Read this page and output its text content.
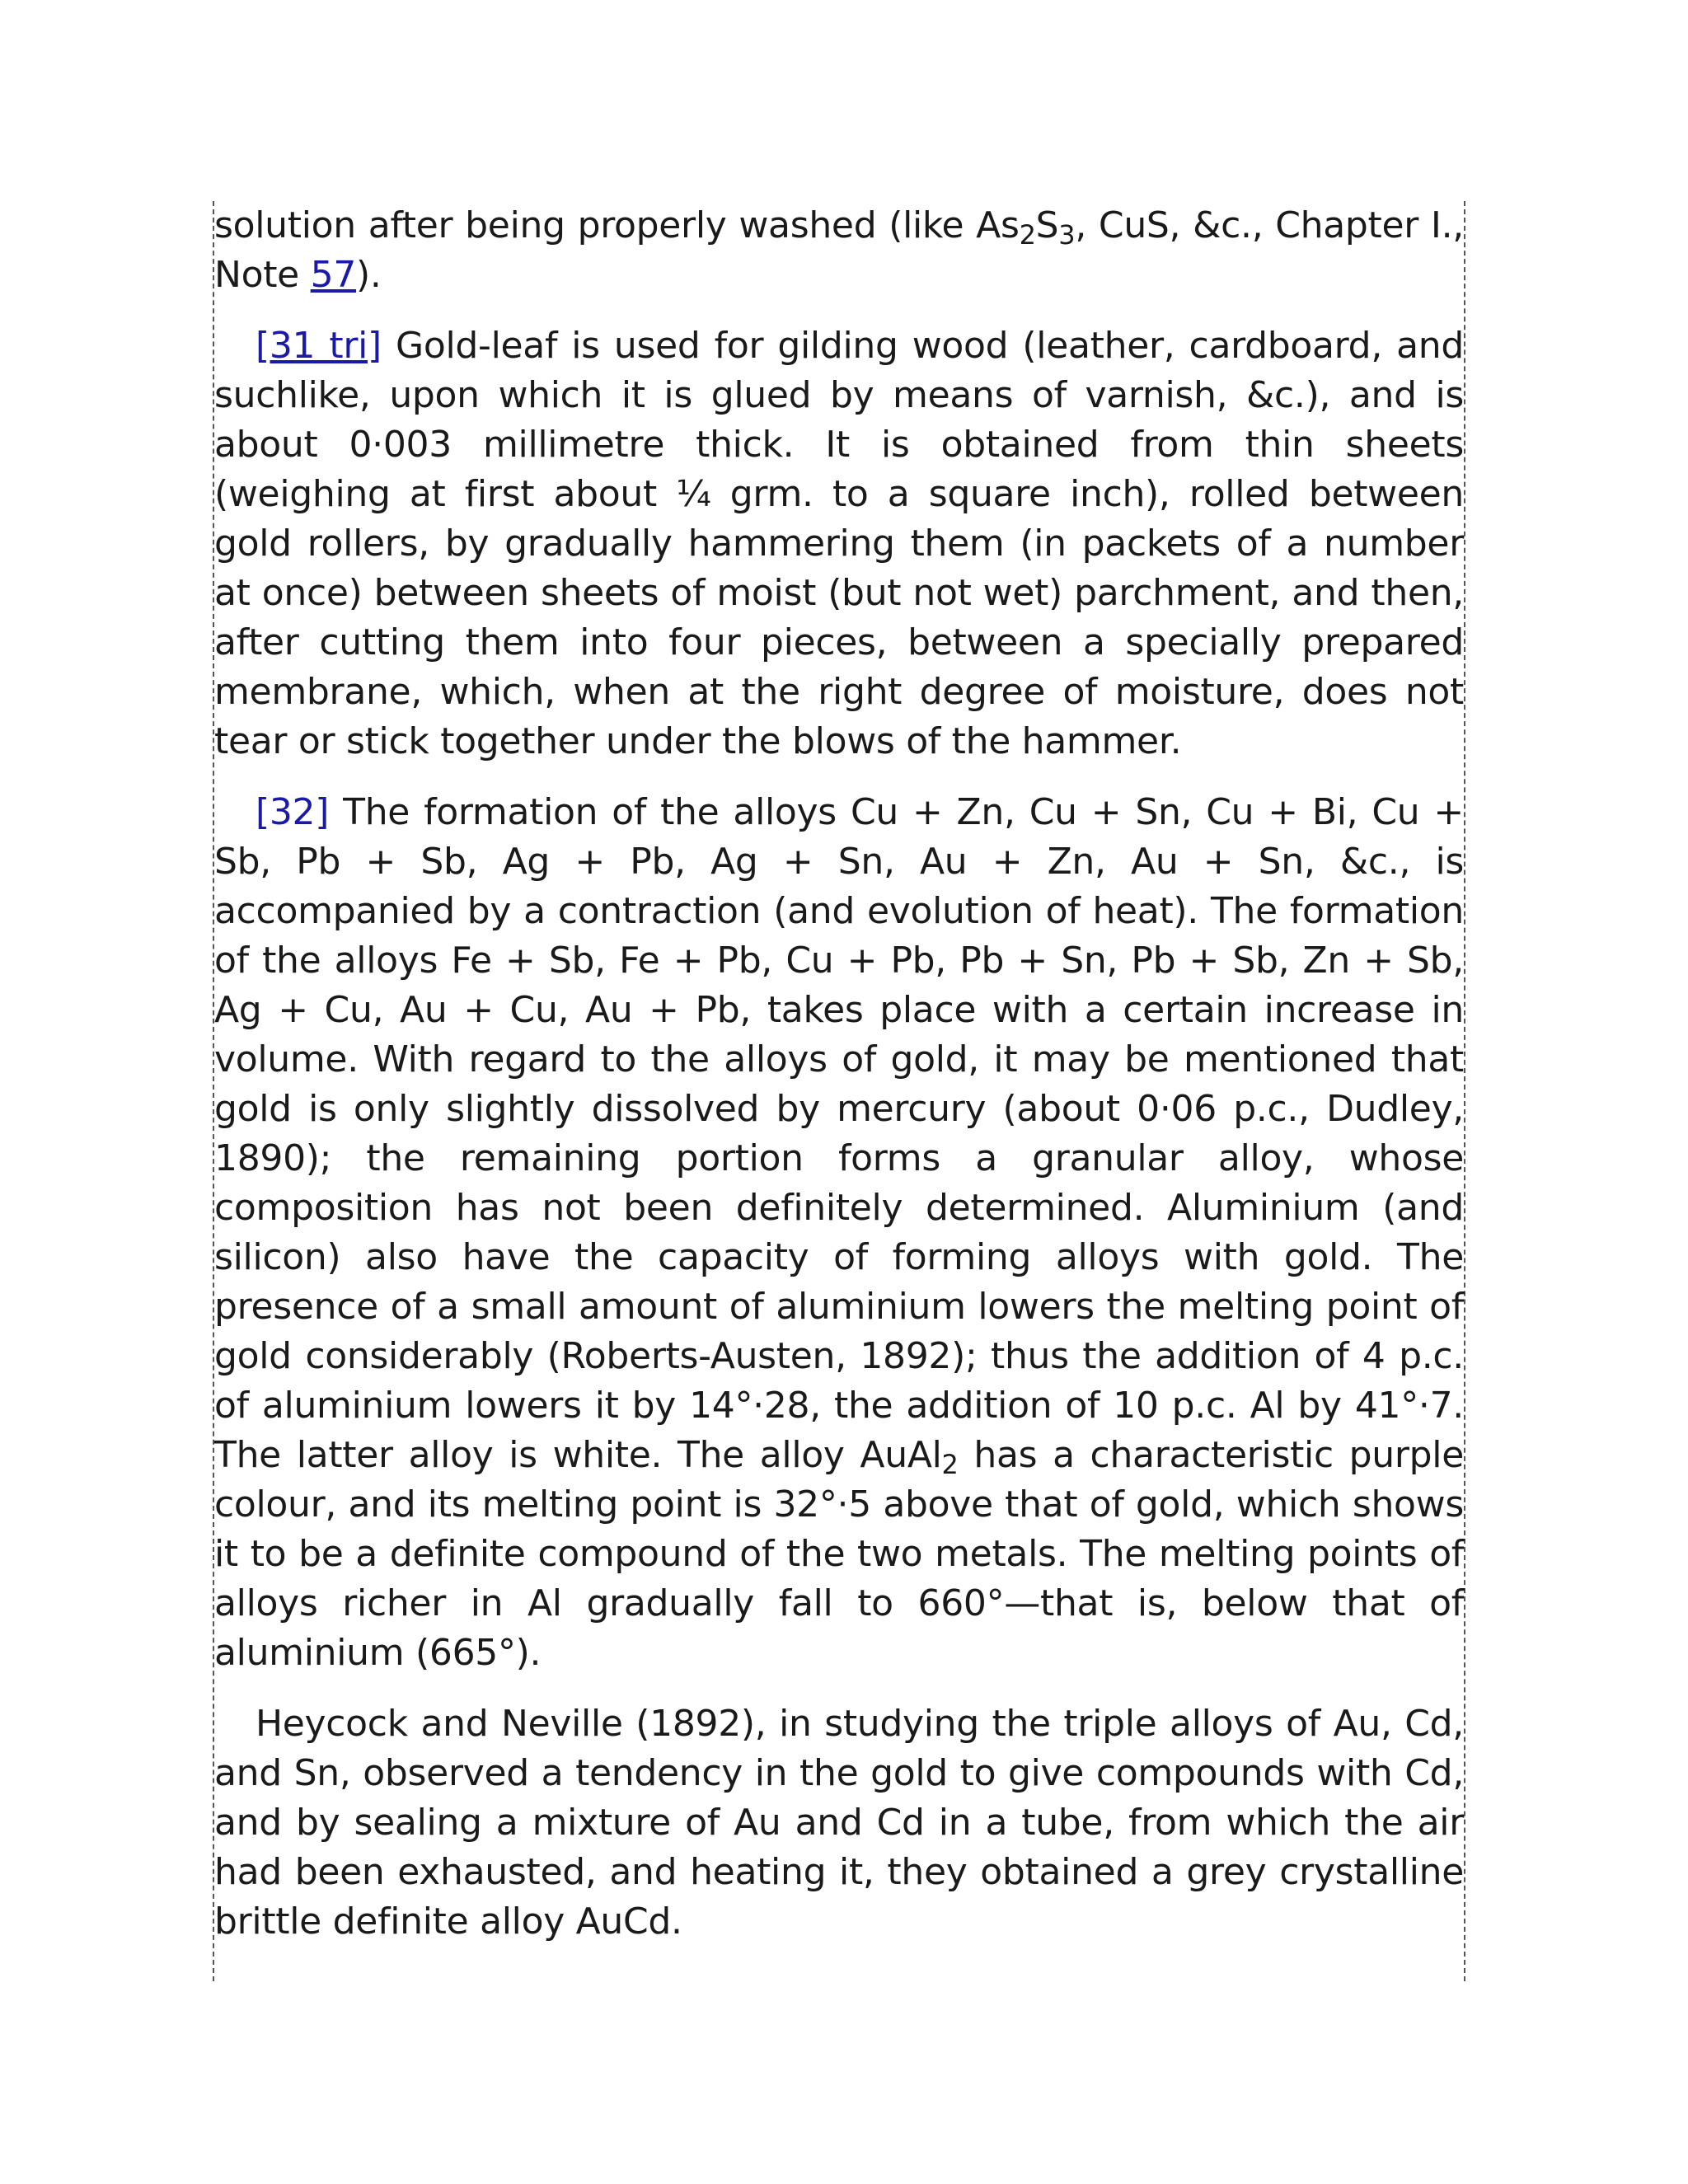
solution after being properly washed (like $As_2S_3$, CuS, &c., Chapter I., Note 57).

[31 tri] Gold-leaf is used for gilding wood (leather, cardboard, and suchlike, upon which it is glued by means of varnish, &c.), and is about 0·003 millimetre thick. It is obtained from thin sheets (weighing at first about ¼ grm. to a square inch), rolled between gold rollers, by gradually hammering them (in packets of a number at once) between sheets of moist (but not wet) parchment, and then, after cutting them into four pieces, between a specially prepared membrane, which, when at the right degree of moisture, does not tear or stick together under the blows of the hammer.

[32] The formation of the alloys Cu + Zn, Cu + Sn, Cu + Bi, Cu + Sb, Pb + Sb, Ag + Pb, Ag + Sn, Au + Zn, Au + Sn, &c., is accompanied by a contraction (and evolution of heat). The formation of the alloys Fe + Sb, Fe + Pb, Cu + Pb, Pb + Sn, Pb + Sb, Zn + Sb, Ag + Cu, Au + Cu, Au + Pb, takes place with a certain increase in volume. With regard to the alloys of gold, it may be mentioned that gold is only slightly dissolved by mercury (about 0·06 p.c., Dudley, 1890); the remaining portion forms a granular alloy, whose composition has not been definitely determined. Aluminium (and silicon) also have the capacity of forming alloys with gold. The presence of a small amount of aluminium lowers the melting point of gold considerably (Roberts-Austen, 1892); thus the addition of 4 p.c. of aluminium lowers it by 14°·28, the addition of 10 p.c. Al by 41°·7. The latter alloy is white. The alloy AuAl$_2$ has a characteristic purple colour, and its melting point is 32°·5 above that of gold, which shows it to be a definite compound of the two metals. The melting points of alloys richer in Al gradually fall to 660°—that is, below that of aluminium (665°).

Heycock and Neville (1892), in studying the triple alloys of Au, Cd, and Sn, observed a tendency in the gold to give compounds with Cd, and by sealing a mixture of Au and Cd in a tube, from which the air had been exhausted, and heating it, they obtained a grey crystalline brittle definite alloy AuCd.
